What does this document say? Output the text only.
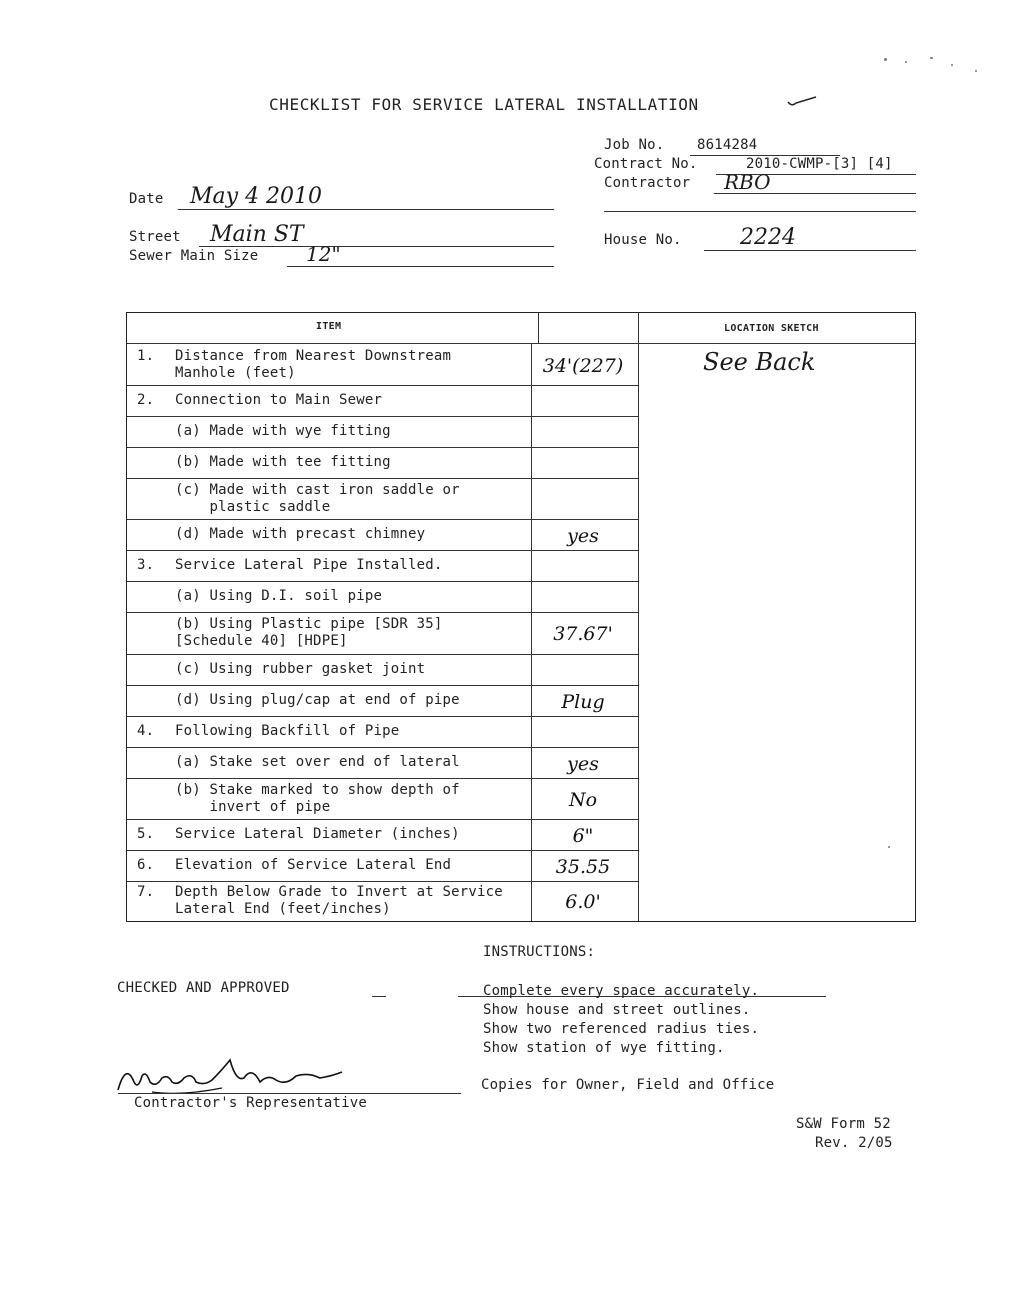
CHECKLIST FOR SERVICE LATERAL INSTALLATION
Job No. 8614284
Contract No.	2010-CWMP-[3] [4]
Contractor RBO
Date May 4 2010
Street Main ST
Sewer Main Size 12"
House No.	2224
ITEM	LOCATION SKETCH
See Back
1. Distance from Nearest Downstream
Manhole (feet)	34'(227)
2. Connection to Main Sewer
(a) Made with wye fitting
(b) Made with tee fitting
(c) Made with cast iron saddle or
plastic saddle
(d) Made with precast chimney	yes
3. Service Lateral Pipe Installed.
(a) Using D.I. soil pipe
(b) Using Plastic pipe [SDR 35]
[Schedule 40] [HDPE]	37.67'
(c) Using rubber gasket joint
(d) Using plug/cap at end of pipe	Plug
4. Following Backfill of Pipe
(a) Stake set over end of lateral	yes
(b) Stake marked to show depth of
invert of pipe	No
5. Service Lateral Diameter (inches)	6"
6. Elevation of Service Lateral End	35.55
7. Depth Below Grade to Invert at Service
Lateral End (feet/inches)	6.0'
INSTRUCTIONS:
CHECKED AND APPROVED	Complete every space accurately.
Show house and street outlines.
Show two referenced radius ties.
Show station of wye fitting.
Copies for Owner, Field and Office
Contractor's Representative
S&W Form 52
Rev. 2/05
